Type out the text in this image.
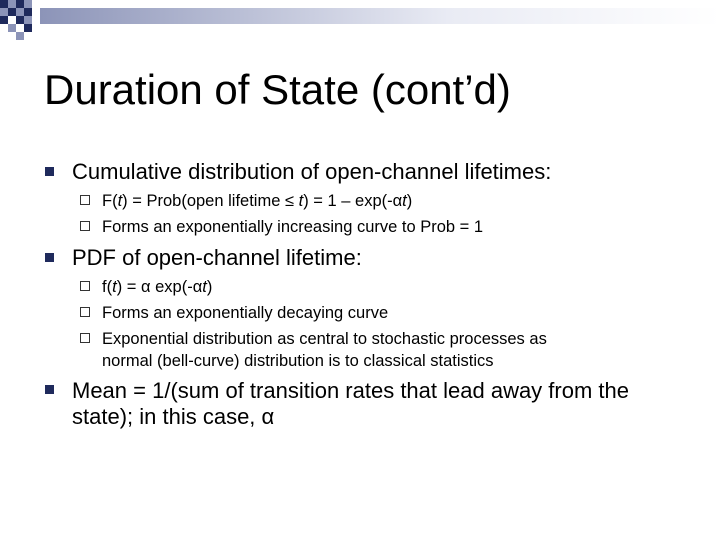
Duration of State (cont’d)
Cumulative distribution of open-channel lifetimes:
F(t) = Prob(open lifetime ≤ t) = 1 – exp(-αt)
Forms an exponentially increasing curve to Prob = 1
PDF of open-channel lifetime:
f(t) = α exp(-αt)
Forms an exponentially decaying curve
Exponential distribution as central to stochastic processes as
normal (bell-curve) distribution is to classical statistics
Mean = 1/(sum of transition rates that lead away from the
state); in this case, α
